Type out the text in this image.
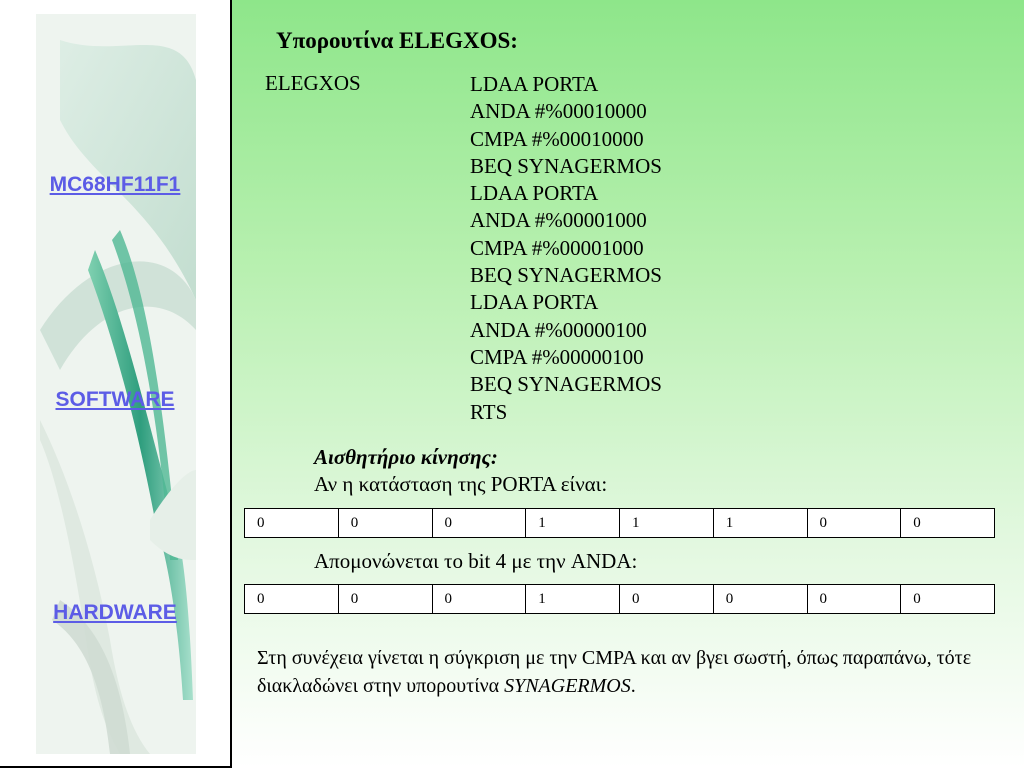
MC68HF11F1
SOFTWARE
HARDWARE
Υπορουτίνα ELEGXOS:
ELEGXOS	LDAA PORTA
ANDA #%00010000
CMPA #%00010000
BEQ SYNAGERMOS
LDAA PORTA
ANDA #%00001000
CMPA #%00001000
BEQ SYNAGERMOS
LDAA PORTA
ANDA #%00000100
CMPA #%00000100
BEQ SYNAGERMOS
RTS
Αισθητήριο κίνησης:
Αν η κατάσταση της PORTA είναι:
0	0	0	1	1	1	0	0
Απομονώνεται το bit 4 με την ANDA:
0	0	0	1	0	0	0	0
Στη συνέχεια γίνεται η σύγκριση με την CMPA και αν βγει σωστή, όπως παραπάνω, τότε διακλαδώνει στην υπορουτίνα SYNAGERMOS.
